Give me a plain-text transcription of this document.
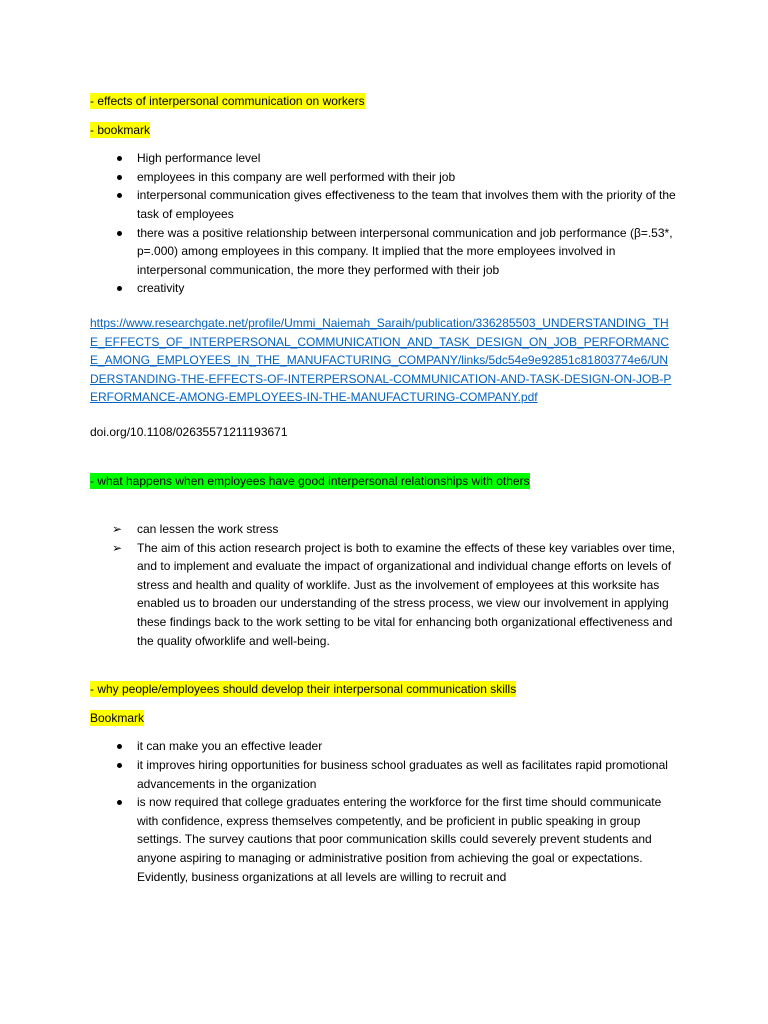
- effects of interpersonal communication on workers

- bookmark

High performance level
employees in this company are well performed with their job
interpersonal communication gives effectiveness to the team that involves them with the priority of the task of employees
there was a positive relationship between interpersonal communication and job performance (β=.53*, p=.000) among employees in this company. It implied that the more employees involved in interpersonal communication, the more they performed with their job
creativity
https://www.researchgate.net/profile/Ummi_Naiemah_Saraih/publication/336285503_UNDERSTANDING_THE_EFFECTS_OF_INTERPERSONAL_COMMUNICATION_AND_TASK_DESIGN_ON_JOB_PERFORMANCE_AMONG_EMPLOYEES_IN_THE_MANUFACTURING_COMPANY/links/5dc54e9e92851c81803774e6/UNDERSTANDING-THE-EFFECTS-OF-INTERPERSONAL-COMMUNICATION-AND-TASK-DESIGN-ON-JOB-PERFORMANCE-AMONG-EMPLOYEES-IN-THE-MANUFACTURING-COMPANY.pdf

doi.org/10.1108/02635571211193671

- what happens when employees have good interpersonal relationships with others

➢	can lessen the work stress
➢	The aim of this action research project is both to examine the effects of these key variables over time, and to implement and evaluate the impact of organizational and individual change efforts on levels of stress and health and quality of worklife. Just as the involvement of employees at this worksite has enabled us to broaden our understanding of the stress process, we view our involvement in applying these findings back to the work setting to be vital for enhancing both organizational effectiveness and the quality ofworklife and well-being.

- why people/employees should develop their interpersonal communication skills

Bookmark

it can make you an effective leader
it improves hiring opportunities for business school graduates as well as facilitates rapid promotional advancements in the organization
is now required that college graduates entering the workforce for the first time should communicate with confidence, express themselves competently, and be proficient in public speaking in group settings. The survey cautions that poor communication skills could severely prevent students and anyone aspiring to managing or administrative position from achieving the goal or expectations. Evidently, business organizations at all levels are willing to recruit and
